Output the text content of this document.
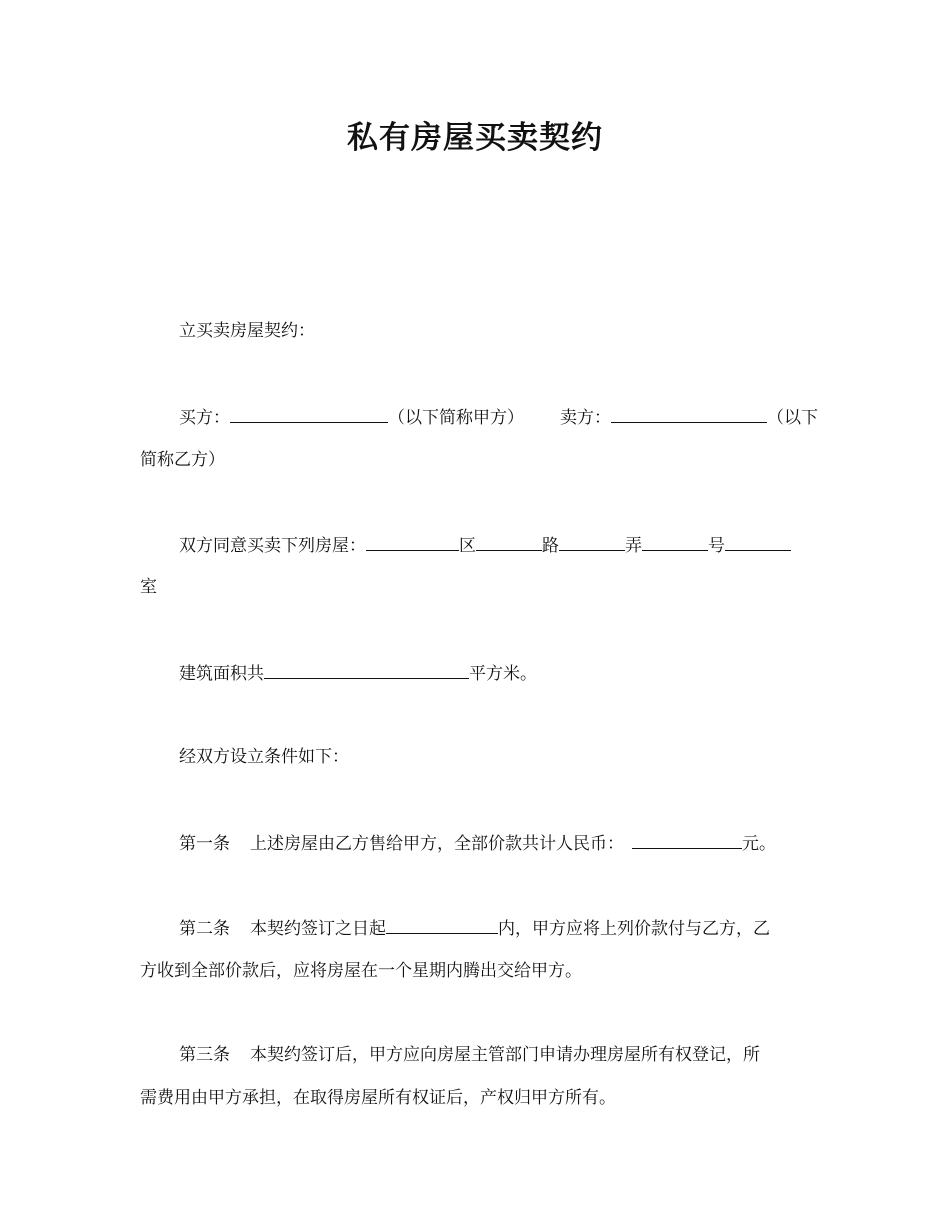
私有房屋买卖契约
立买卖房屋契约：
买方：	（以下简称甲方） 卖方：	（以下
简称乙方）
双方同意买卖下列房屋：	区	路	弄	号
室
建筑面积共	平方米。
经双方设立条件如下：
第一条 上述房屋由乙方售给甲方，全部价款共计人民币：	元。
第二条 本契约签订之日起	内，甲方应将上列价款付与乙方，乙
方收到全部价款后，应将房屋在一个星期内腾出交给甲方。
第三条 本契约签订后，甲方应向房屋主管部门申请办理房屋所有权登记，所
需费用由甲方承担，在取得房屋所有权证后，产权归甲方所有。
